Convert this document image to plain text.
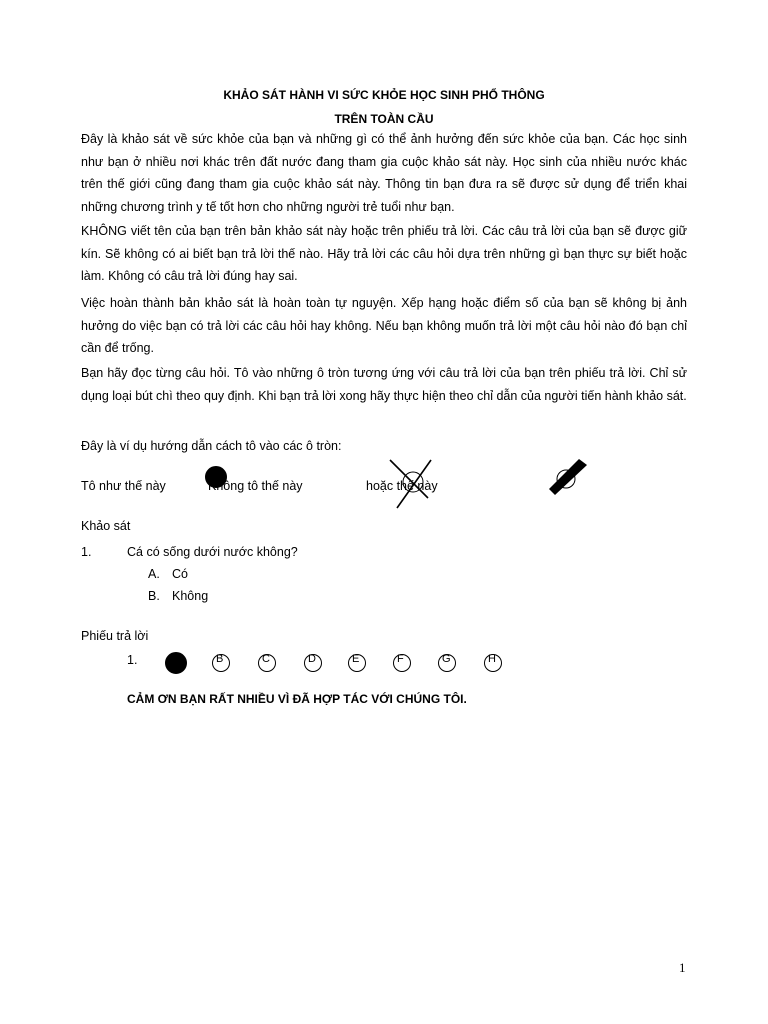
KHẢO SÁT HÀNH VI SỨC KHỎE HỌC SINH PHỔ THÔNG
TRÊN TOÀN CẦU

Đây là khảo sát về sức khỏe của bạn và những gì có thể ảnh hưởng đến sức khỏe của bạn. Các học sinh như bạn ở nhiều nơi khác trên đất nước đang tham gia cuộc khảo sát này. Học sinh của nhiều nước khác trên thế giới cũng đang tham gia cuộc khảo sát này. Thông tin bạn đưa ra sẽ được sử dụng để triển khai những chương trình y tế tốt hơn cho những người trẻ tuổi như bạn.

KHÔNG viết tên của bạn trên bản khảo sát này hoặc trên phiếu trả lời. Các câu trả lời của bạn sẽ được giữ kín. Sẽ không có ai biết bạn trả lời thế nào. Hãy trả lời các câu hỏi dựa trên những gì bạn thực sự biết hoặc làm. Không có câu trả lời đúng hay sai.

Việc hoàn thành bản khảo sát là hoàn toàn tự nguyện. Xếp hạng hoặc điểm số của bạn sẽ không bị ảnh hưởng do việc bạn có trả lời các câu hỏi hay không. Nếu bạn không muốn trả lời một câu hỏi nào đó bạn chỉ cần để trống.

Bạn hãy đọc từng câu hỏi. Tô vào những ô tròn tương ứng với câu trả lời của bạn trên phiếu trả lời. Chỉ sử dụng loại bút chì theo quy định. Khi bạn trả lời xong hãy thực hiện theo chỉ dẫn của người tiến hành khảo sát.

Đây là ví dụ hướng dẫn cách tô vào các ô tròn:
Tô như thế này	Không tô thế này	hoặc thế này
Khảo sát
1.	Cá có sống dưới nước không?
A. Có
B. Không
Phiếu trả lời
1.	B	C	D	E	F	G	H
CẢM ƠN BẠN RẤT NHIỀU VÌ ĐÃ HỢP TÁC VỚI CHÚNG TÔI.
1
